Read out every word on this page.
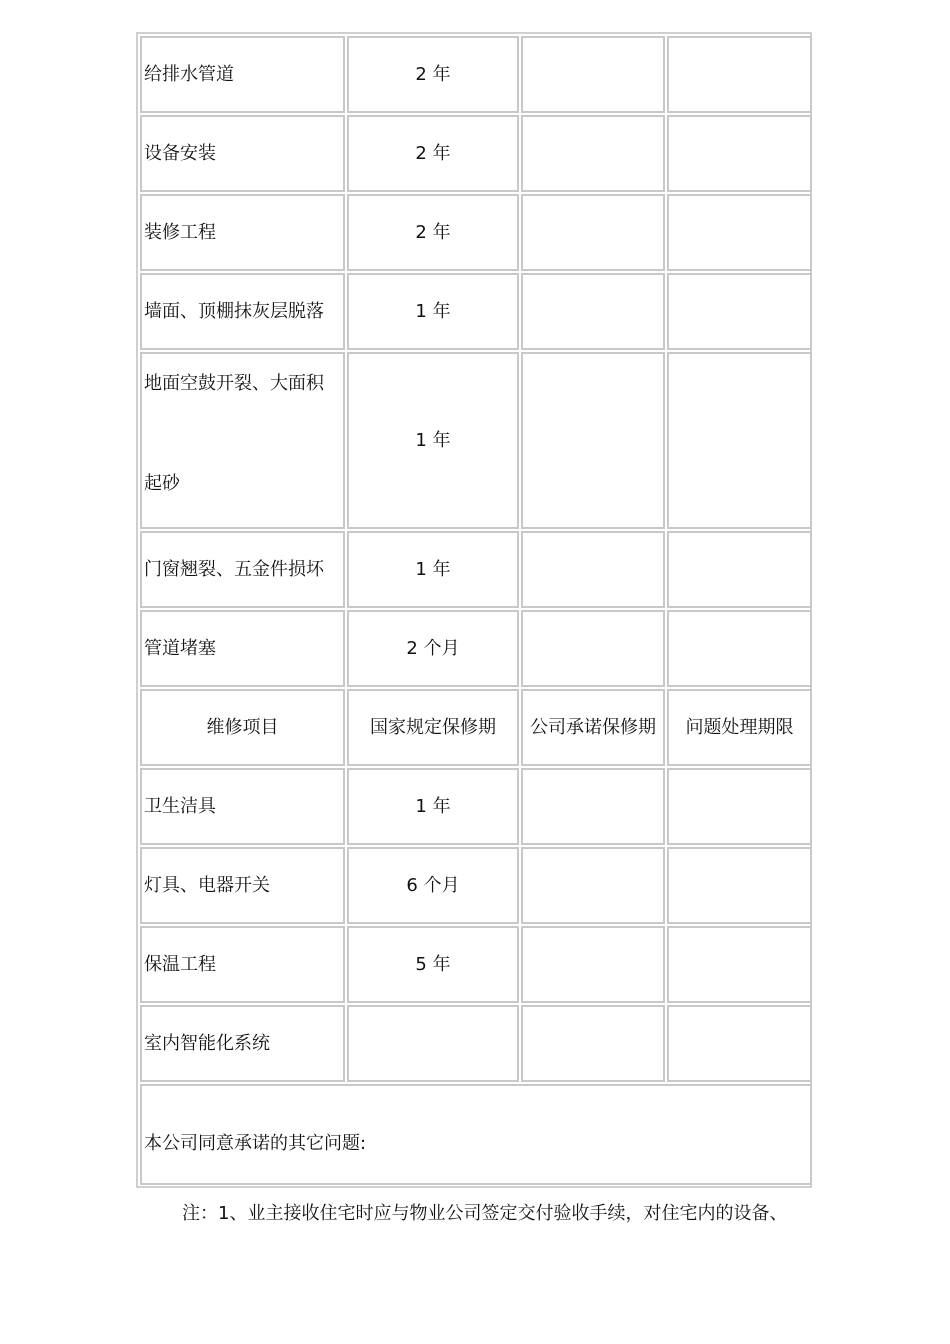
给排水管道	2 年		
设备安装	2 年		
装修工程	2 年		
墙面、顶棚抹灰层脱落	1 年		

地面空鼓开裂、大面积
起砂	1 年		
门窗翘裂、五金件损坏	1 年		
管道堵塞	2 个月		
维修项目	国家规定保修期	公司承诺保修期	问题处理期限
卫生洁具	1 年		
灯具、电器开关	6 个月		
保温工程	5 年		
室内智能化系统			

本公司同意承诺的其它问题:			
注：1、业主接收住宅时应与物业公司签定交付验收手续，对住宅内的设备、
